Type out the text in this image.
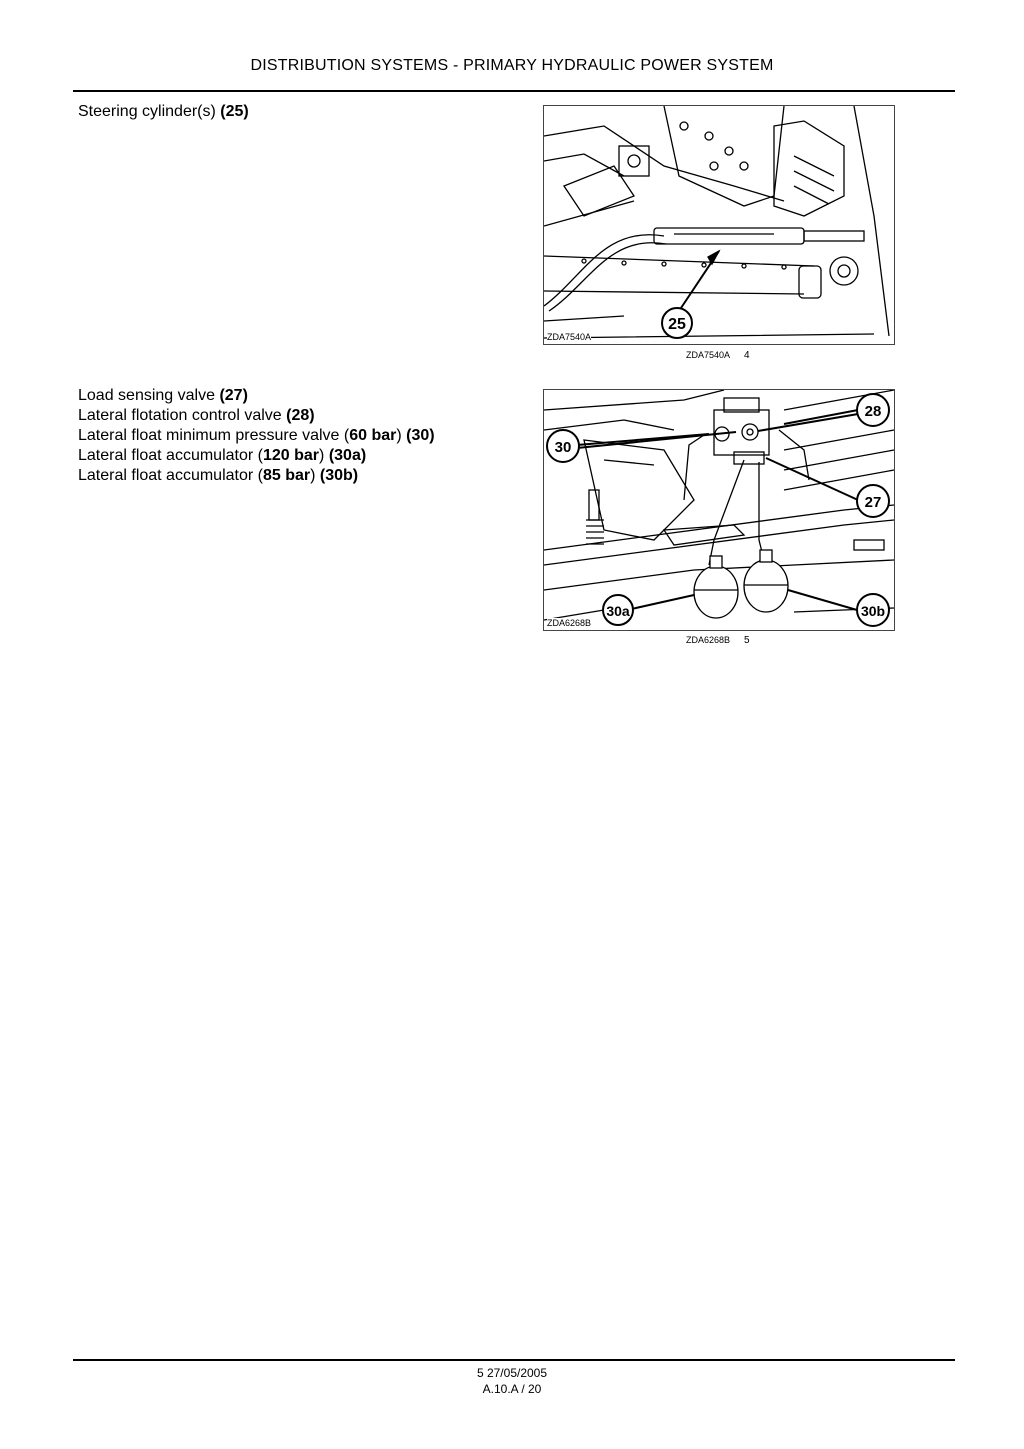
DISTRIBUTION SYSTEMS - PRIMARY HYDRAULIC POWER SYSTEM
Steering cylinder(s) (25)
25
ZDA7540A
ZDA7540A 4
Load sensing valve (27)
Lateral flotation control valve (28)
Lateral float minimum pressure valve (60 bar) (30)
Lateral float accumulator (120 bar) (30a)
Lateral float accumulator (85 bar) (30b)
28
30
27
30a	30b
ZDA6268B
ZDA6268B 5
5 27/05/2005
A.10.A / 20
